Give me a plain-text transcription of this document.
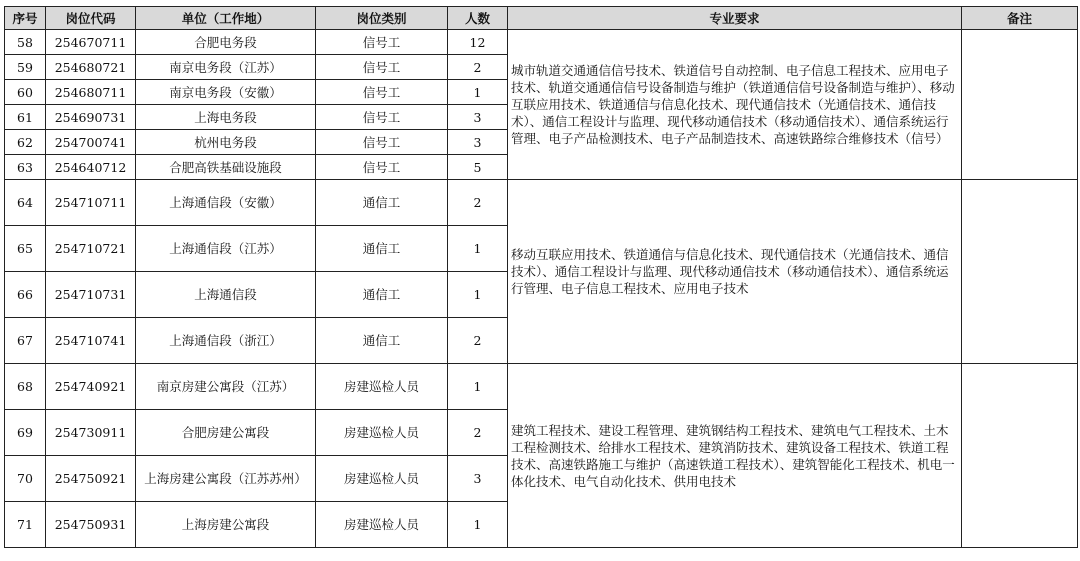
序号	岗位代码	单位（工作地）	岗位类别	人数	专业要求	备注
58	254670711	合肥电务段	信号工	12	城市轨道交通通信信号技术、铁道信号自动控制、电子信息工程技术、应用电子技术、轨道交通通信信号设备制造与维护（铁道通信信号设备制造与维护）、移动互联应用技术、铁道通信与信息化技术、现代通信技术（光通信技术、通信技术）、通信工程设计与监理、现代移动通信技术（移动通信技术）、通信系统运行管理、电子产品检测技术、电子产品制造技术、高速铁路综合维修技术（信号）	
59	254680721	南京电务段（江苏）	信号工	2		
60	254680711	南京电务段（安徽）	信号工	1		
61	254690731	上海电务段	信号工	3		
62	254700741	杭州电务段	信号工	3		
63	254640712	合肥高铁基础设施段	信号工	5		
64	254710711	上海通信段（安徽）	通信工	2	移动互联应用技术、铁道通信与信息化技术、现代通信技术（光通信技术、通信技术）、通信工程设计与监理、现代移动通信技术（移动通信技术）、通信系统运行管理、电子信息工程技术、应用电子技术	
65	254710721	上海通信段（江苏）	通信工	1		
66	254710731	上海通信段	通信工	1		
67	254710741	上海通信段（浙江）	通信工	2		
68	254740921	南京房建公寓段（江苏）	房建巡检人员	1	建筑工程技术、建设工程管理、建筑钢结构工程技术、建筑电气工程技术、土木工程检测技术、给排水工程技术、建筑消防技术、建筑设备工程技术、铁道工程技术、高速铁路施工与维护（高速铁道工程技术）、建筑智能化工程技术、机电一体化技术、电气自动化技术、供用电技术	
69	254730911	合肥房建公寓段	房建巡检人员	2		
70	254750921	上海房建公寓段（江苏苏州）	房建巡检人员	3		
71	254750931	上海房建公寓段	房建巡检人员	1		
